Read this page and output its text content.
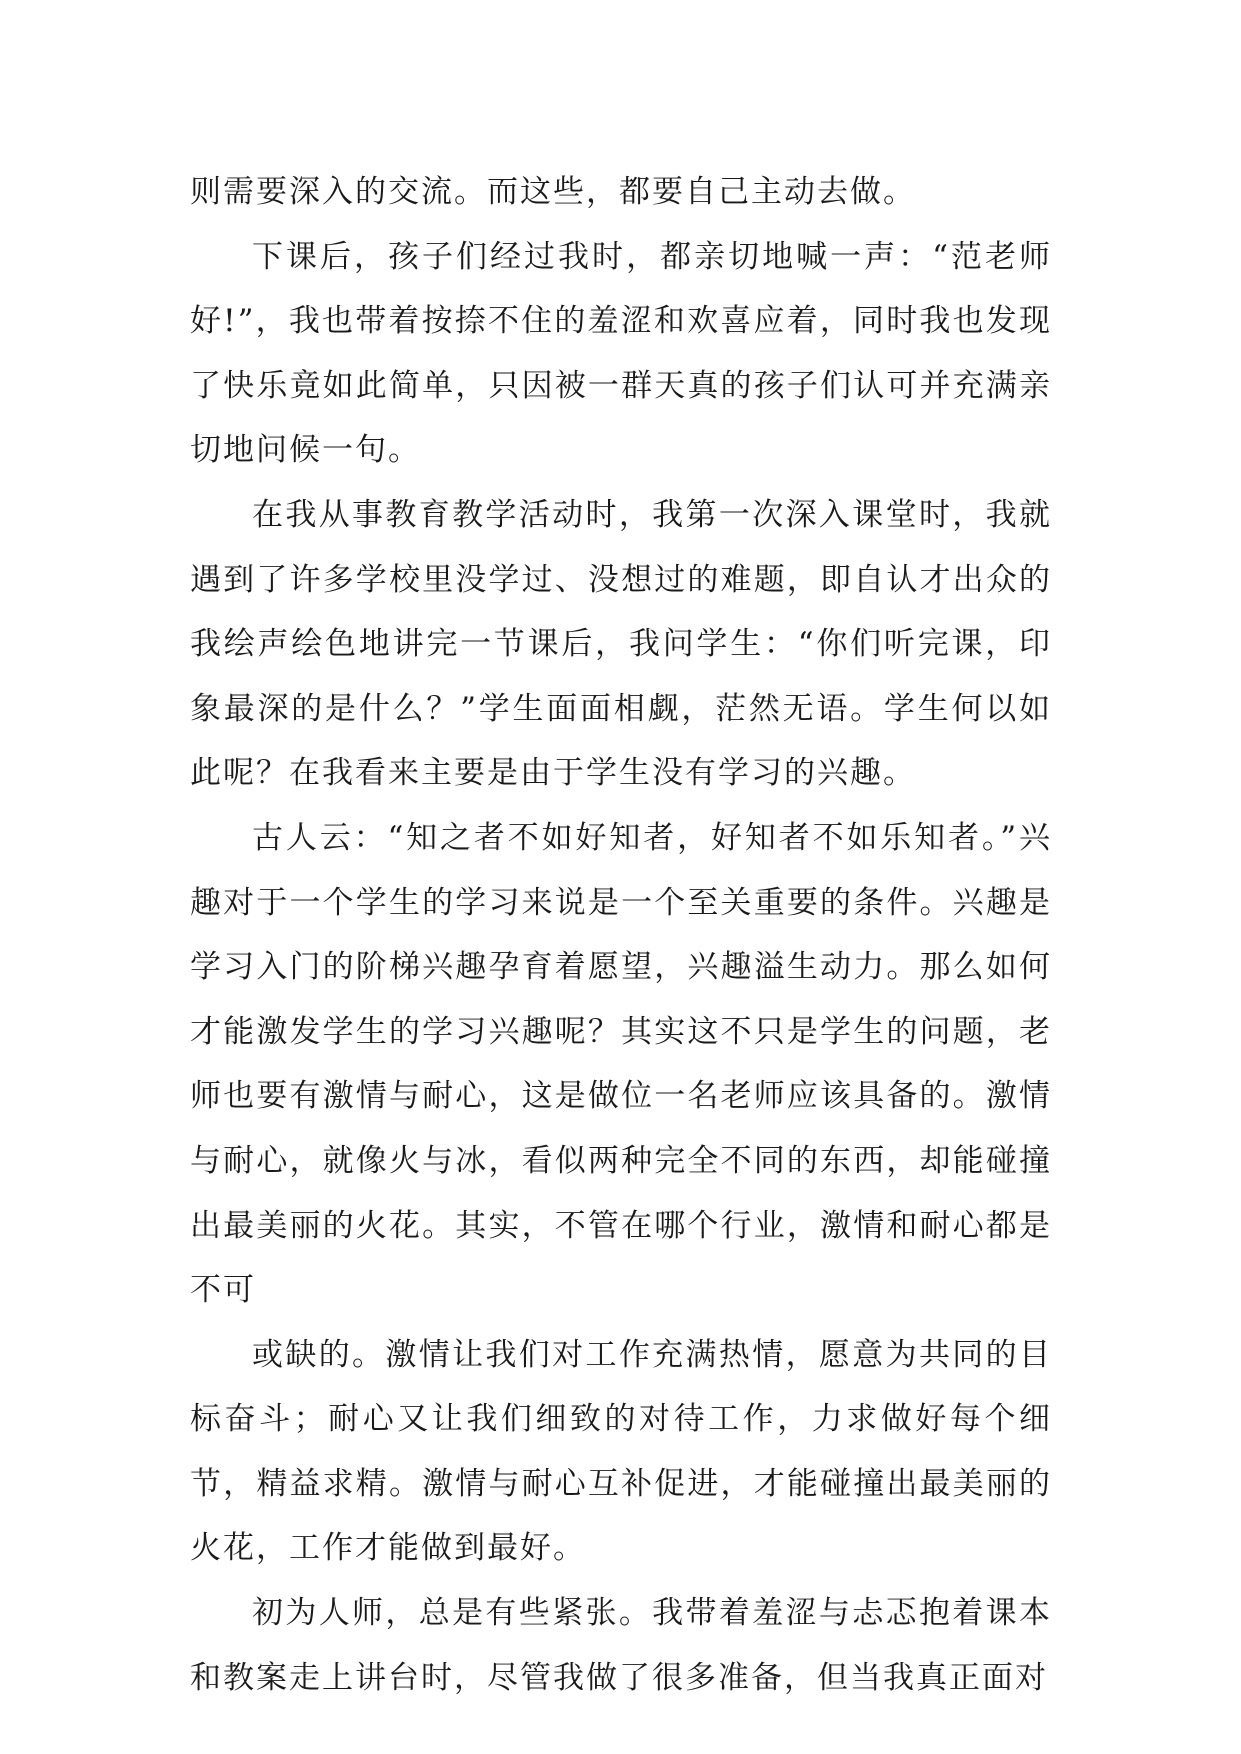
则需要深入的交流。而这些，都要自己主动去做。

下课后，孩子们经过我时，都亲切地喊一声：“范老师好!”，我也带着按捺不住的羞涩和欢喜应着，同时我也发现了快乐竟如此简单，只因被一群天真的孩子们认可并充满亲切地问候一句。

在我从事教育教学活动时，我第一次深入课堂时，我就遇到了许多学校里没学过、没想过的难题，即自认才出众的我绘声绘色地讲完一节课后，我问学生：“你们听完课，印象最深的是什么？”学生面面相觑，茫然无语。学生何以如此呢？在我看来主要是由于学生没有学习的兴趣。

古人云：“知之者不如好知者，好知者不如乐知者。”兴趣对于一个学生的学习来说是一个至关重要的条件。兴趣是学习入门的阶梯兴趣孕育着愿望，兴趣溢生动力。那么如何才能激发学生的学习兴趣呢？其实这不只是学生的问题，老师也要有激情与耐心，这是做位一名老师应该具备的。激情与耐心，就像火与冰，看似两种完全不同的东西，却能碰撞出最美丽的火花。其实，不管在哪个行业，激情和耐心都是不可

或缺的。激情让我们对工作充满热情，愿意为共同的目标奋斗；耐心又让我们细致的对待工作，力求做好每个细节，精益求精。激情与耐心互补促进，才能碰撞出最美丽的火花，工作才能做到最好。

初为人师，总是有些紧张。我带着羞涩与忐忑抱着课本和教案走上讲台时，尽管我做了很多准备，但当我真正面对
